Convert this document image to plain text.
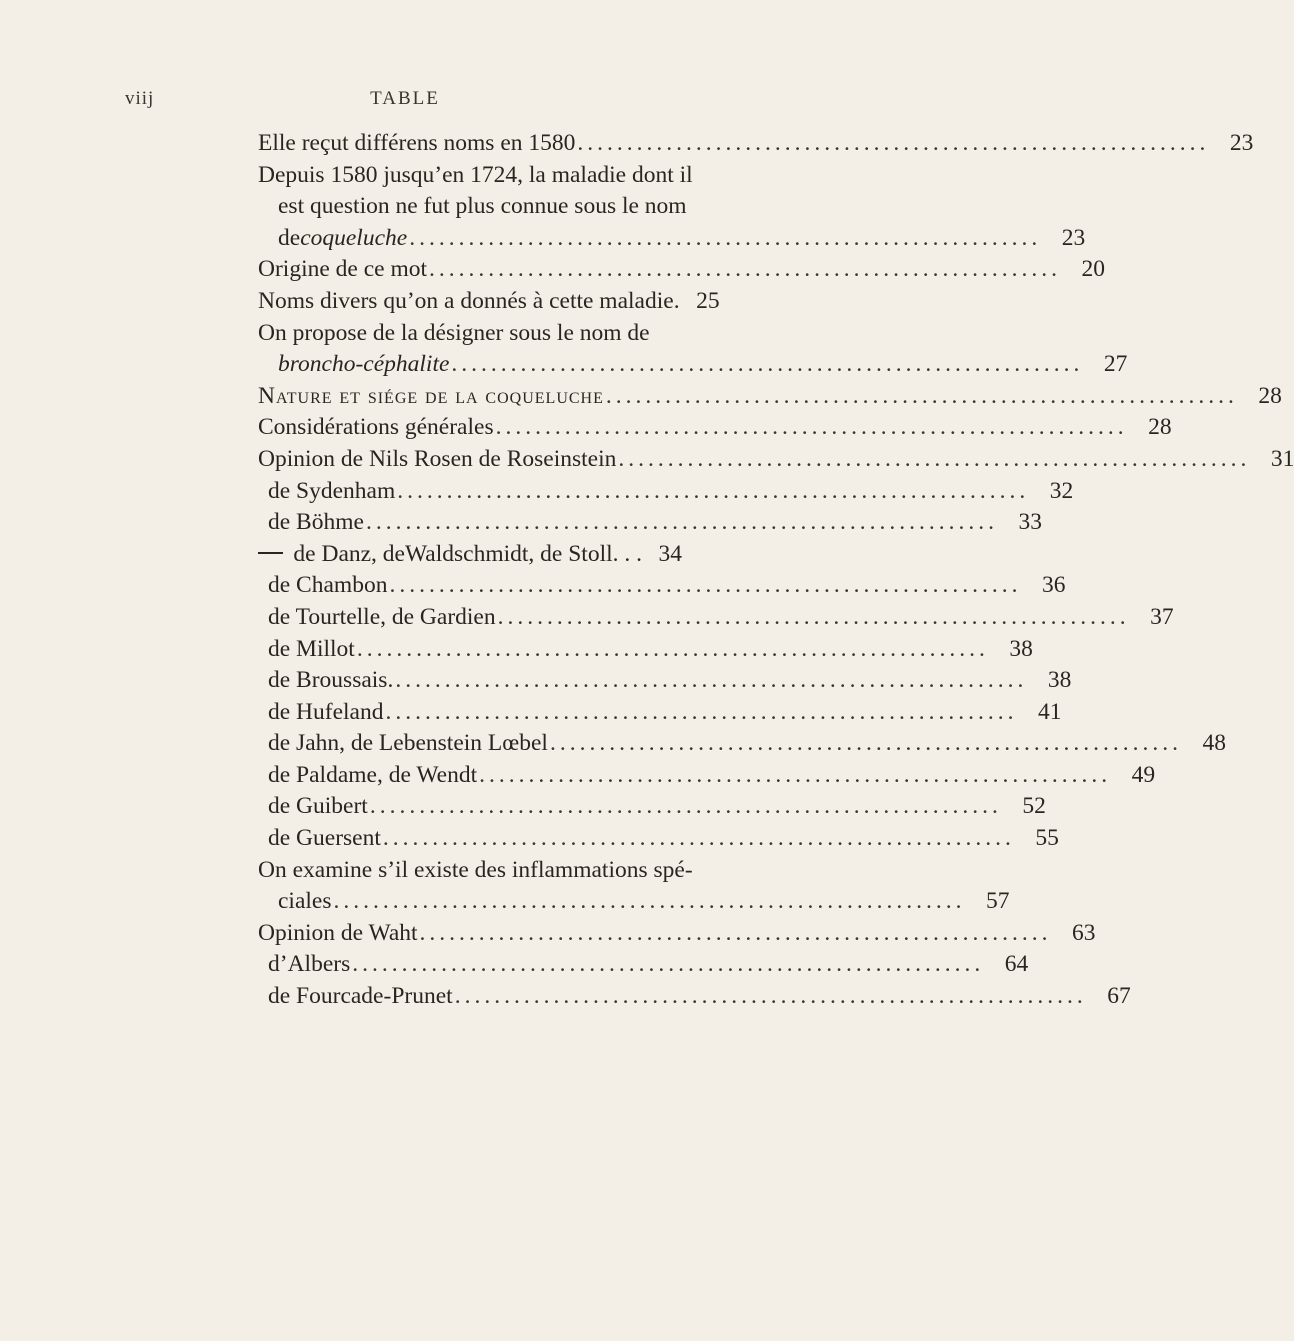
viij	TABLE
Elle reçut différens noms en 1580 ................................................................ 23
Depuis 1580 jusqu’en 1724, la maladie dont il
est question ne fut plus connue sous le nom
de coqueluche ................................................................ 23
Origine de ce mot ................................................................ 20
Noms divers qu’on a donnés à cette maladie. 25
On propose de la désigner sous le nom de
broncho-céphalite ................................................................ 27
Nature et siége de la coqueluche ................................................................ 28
Considérations générales ................................................................ 28
Opinion de Nils Rosen de Roseinstein ................................................................ 31
de Sydenham ................................................................ 32
de Böhme ................................................................ 33
de Danz, deWaldschmidt, de Stoll. . . 34
de Chambon ................................................................ 36
de Tourtelle, de Gardien ................................................................ 37
de Millot ................................................................ 38
de Broussais. ................................................................ 38
de Hufeland ................................................................ 41
de Jahn, de Lebenstein Lœbel ................................................................ 48
de Paldame, de Wendt ................................................................ 49
de Guibert ................................................................ 52
de Guersent ................................................................ 55
On examine s’il existe des inflammations spé-
ciales ................................................................ 57
Opinion de Waht ................................................................ 63
d’Albers ................................................................ 64
de Fourcade-Prunet ................................................................ 67
